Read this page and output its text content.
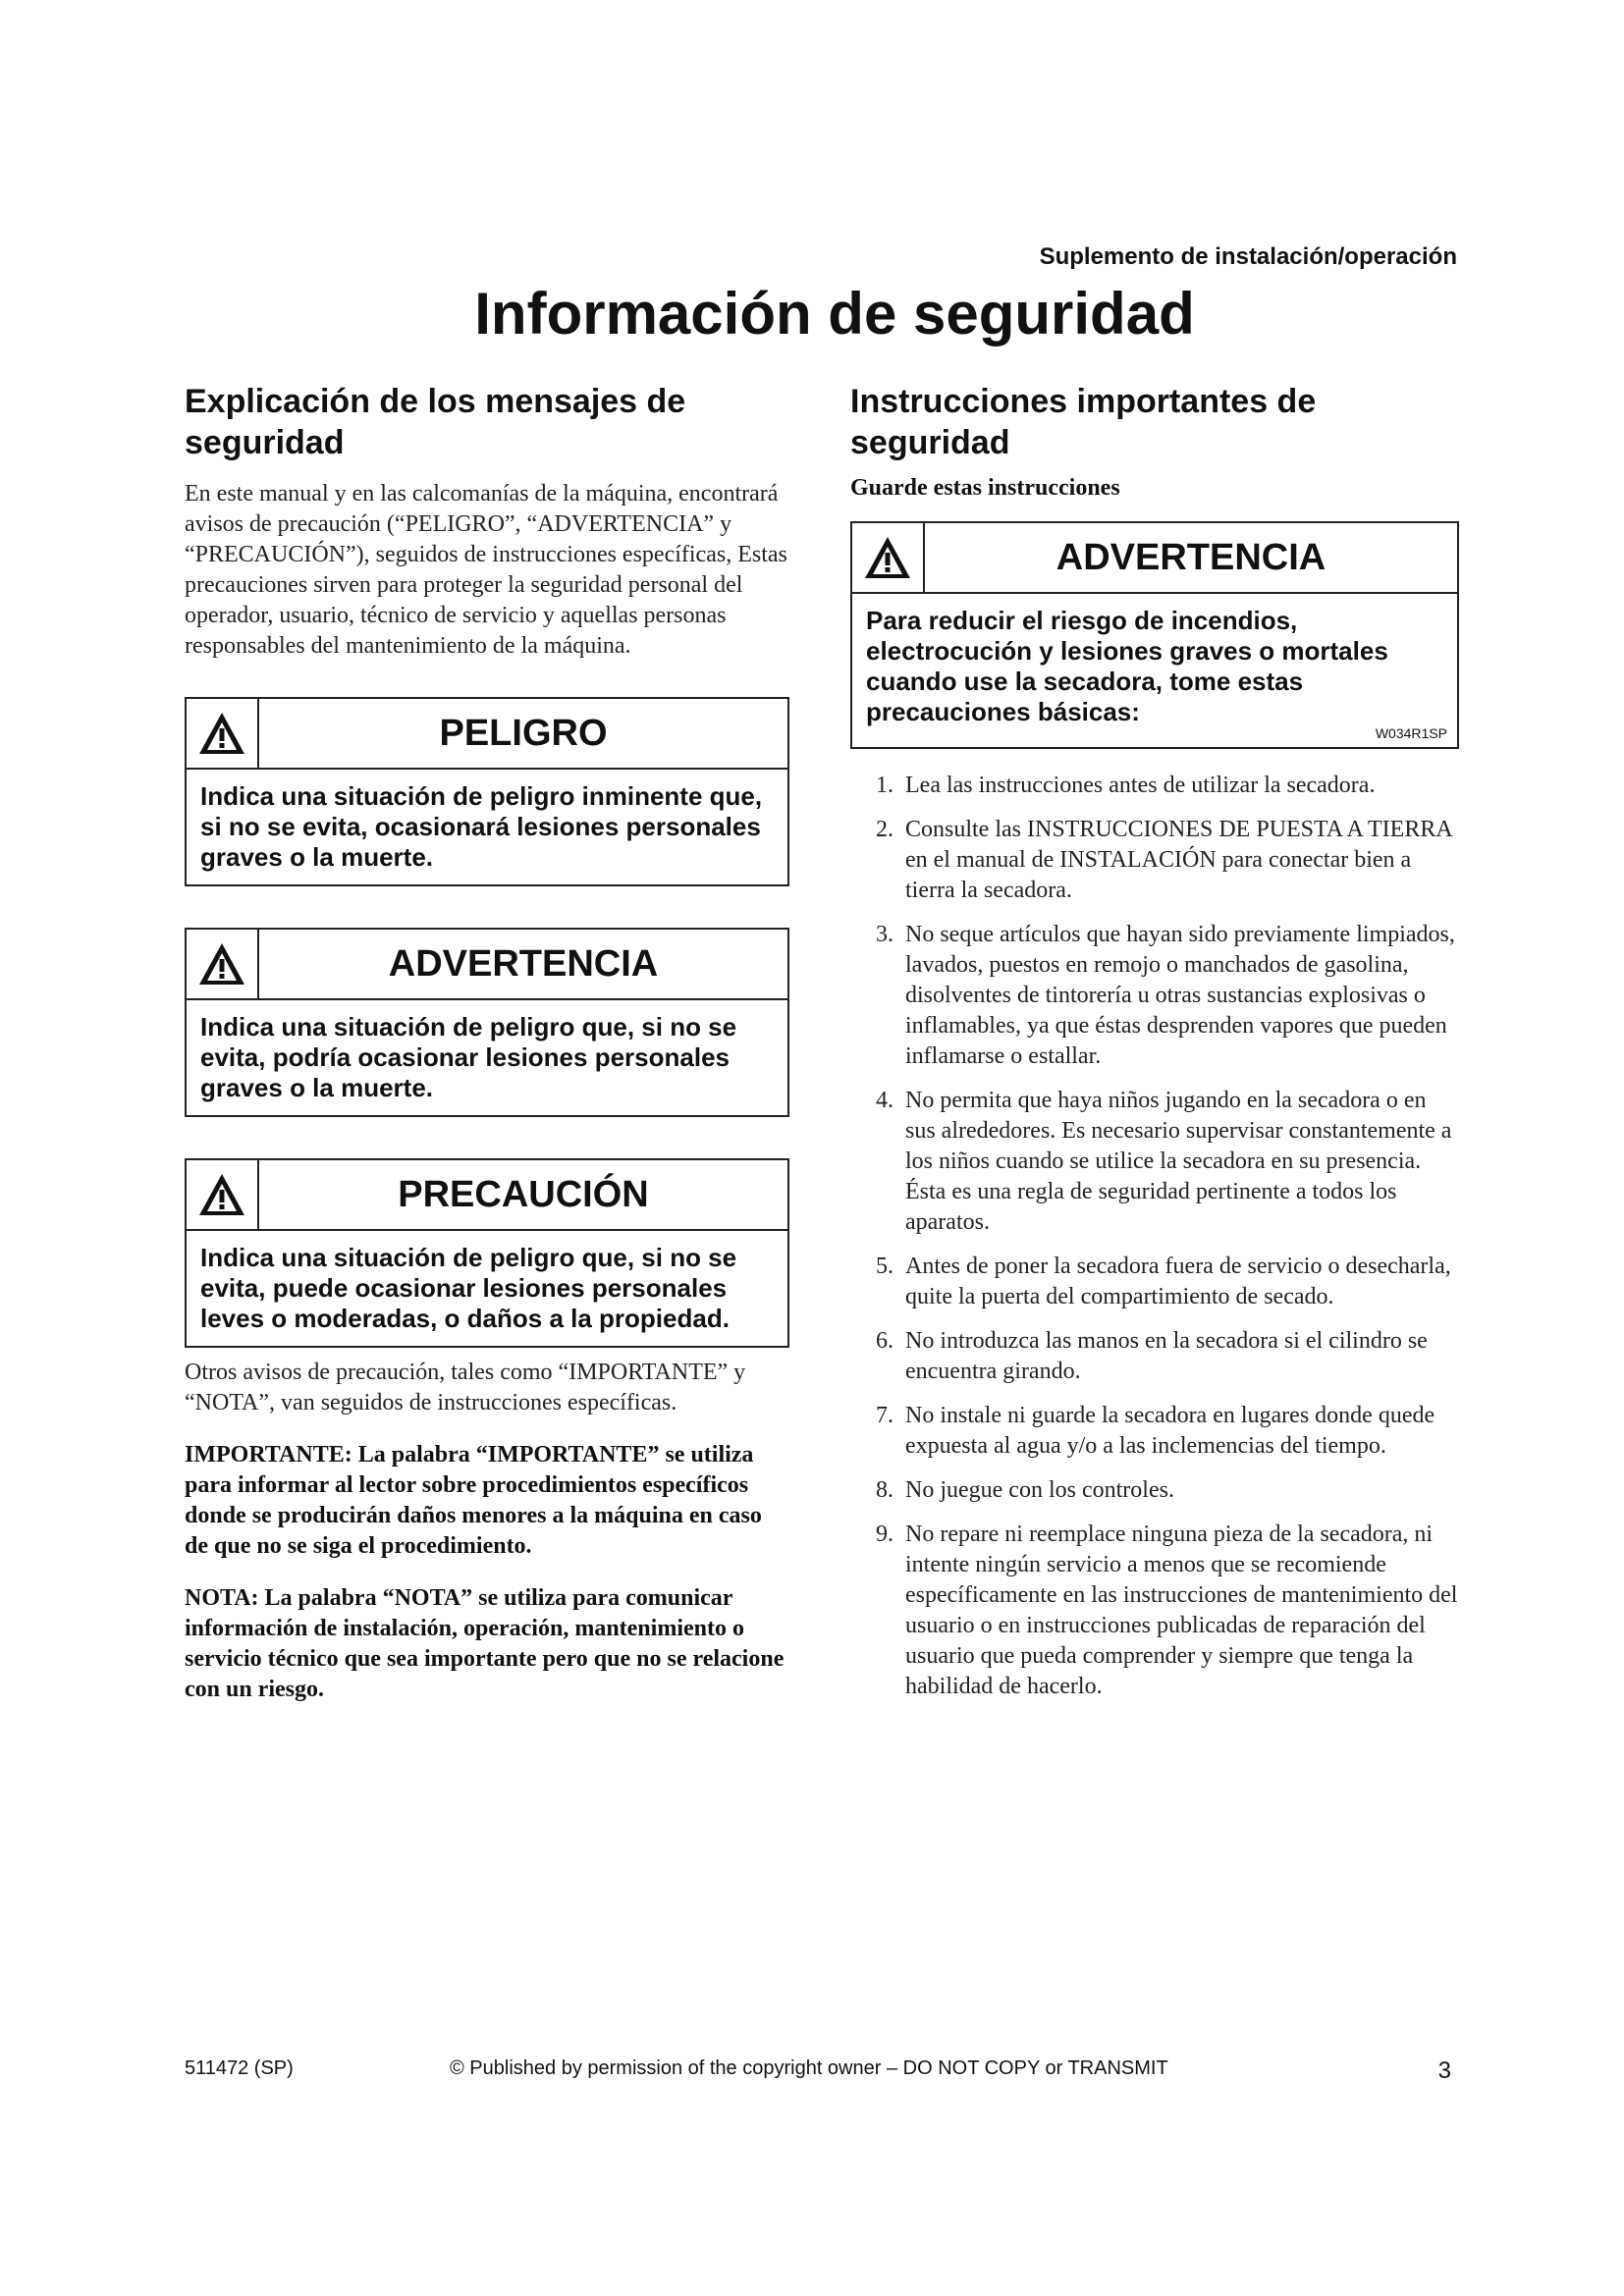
Suplemento de instalación/operación
Información de seguridad
Explicación de los mensajes de seguridad

En este manual y en las calcomanías de la máquina, encontrará avisos de precaución (“PELIGRO”, “ADVERTENCIA” y “PRECAUCIÓN”), seguidos de instrucciones específicas, Estas precauciones sirven para proteger la seguridad personal del operador, usuario, técnico de servicio y aquellas personas responsables del mantenimiento de la máquina.

PELIGRO
Indica una situación de peligro inminente que, si no se evita, ocasionará lesiones personales graves o la muerte.
ADVERTENCIA
Indica una situación de peligro que, si no se evita, podría ocasionar lesiones personales graves o la muerte.
PRECAUCIÓN
Indica una situación de peligro que, si no se evita, puede ocasionar lesiones personales leves o moderadas, o daños a la propiedad.

Otros avisos de precaución, tales como “IMPORTANTE” y “NOTA”, van seguidos de instrucciones específicas.

IMPORTANTE: La palabra “IMPORTANTE” se utiliza para informar al lector sobre procedimientos específicos donde se producirán daños menores a la máquina en caso de que no se siga el procedimiento.

NOTA: La palabra “NOTA” se utiliza para comunicar información de instalación, operación, mantenimiento o servicio técnico que sea importante pero que no se relacione con un riesgo.

Instrucciones importantes de seguridad

Guarde estas instrucciones

ADVERTENCIA
Para reducir el riesgo de incendios, electrocución y lesiones graves o mortales cuando use la secadora, tome estas precauciones básicas:
W034R1SP
1. Lea las instrucciones antes de utilizar la secadora.
2. Consulte las INSTRUCCIONES DE PUESTA A TIERRA en el manual de INSTALACIÓN para conectar bien a tierra la secadora.
3. No seque artículos que hayan sido previamente limpiados, lavados, puestos en remojo o manchados de gasolina, disolventes de tintorería u otras sustancias explosivas o inflamables, ya que éstas desprenden vapores que pueden inflamarse o estallar.
4. No permita que haya niños jugando en la secadora o en sus alrededores. Es necesario supervisar constantemente a los niños cuando se utilice la secadora en su presencia. Ésta es una regla de seguridad pertinente a todos los aparatos.
5. Antes de poner la secadora fuera de servicio o desecharla, quite la puerta del compartimiento de secado.
6. No introduzca las manos en la secadora si el cilindro se encuentra girando.
7. No instale ni guarde la secadora en lugares donde quede expuesta al agua y/o a las inclemencias del tiempo.
8. No juegue con los controles.
9. No repare ni reemplace ninguna pieza de la secadora, ni intente ningún servicio a menos que se recomiende específicamente en las instrucciones de mantenimiento del usuario o en instrucciones publicadas de reparación del usuario que pueda comprender y siempre que tenga la habilidad de hacerlo.
511472 (SP)	© Published by permission of the copyright owner – DO NOT COPY or TRANSMIT	3
